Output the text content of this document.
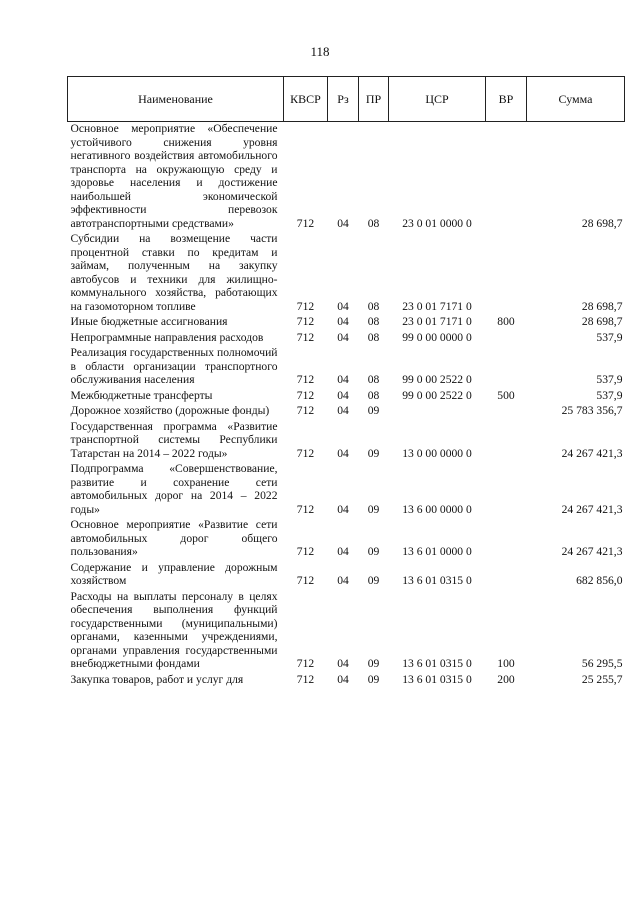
118
Наименование	КВСР	Рз	ПР	ЦСР	ВР	Сумма
Основное мероприятие «Обеспечение устойчивого снижения уровня негативного воздействия автомобильного транспорта на окружающую среду и здоровье населения и достижение наибольшей экономической эффективности перевозок автотранспортными средствами»	712	04	08	23 0 01 0000 0		28 698,7
Субсидии на возмещение части процентной ставки по кредитам и займам, полученным на закупку автобусов и техники для жилищно-коммунального хозяйства, работающих на газомоторном топливе	712	04	08	23 0 01 7171 0		28 698,7
Иные бюджетные ассигнования	712	04	08	23 0 01 7171 0	800	28 698,7
Непрограммные направления расходов	712	04	08	99 0 00 0000 0		537,9
Реализация государственных полномочий в области организации транспортного обслуживания населения	712	04	08	99 0 00 2522 0		537,9
Межбюджетные трансферты	712	04	08	99 0 00 2522 0	500	537,9
Дорожное хозяйство (дорожные фонды)	712	04	09			25 783 356,7
Государственная программа «Развитие транспортной системы Республики Татарстан на 2014 – 2022 годы»	712	04	09	13 0 00 0000 0		24 267 421,3
Подпрограмма «Совершенствование, развитие и сохранение сети автомобильных дорог на 2014 – 2022 годы»	712	04	09	13 6 00 0000 0		24 267 421,3
Основное мероприятие «Развитие сети автомобильных дорог общего пользования»	712	04	09	13 6 01 0000 0		24 267 421,3
Содержание и управление дорожным хозяйством	712	04	09	13 6 01 0315 0		682 856,0
Расходы на выплаты персоналу в целях обеспечения выполнения функций государственными (муниципальными) органами, казенными учреждениями, органами управления государственными внебюджетными фондами	712	04	09	13 6 01 0315 0	100	56 295,5
Закупка товаров, работ и услуг для	712	04	09	13 6 01 0315 0	200	25 255,7
